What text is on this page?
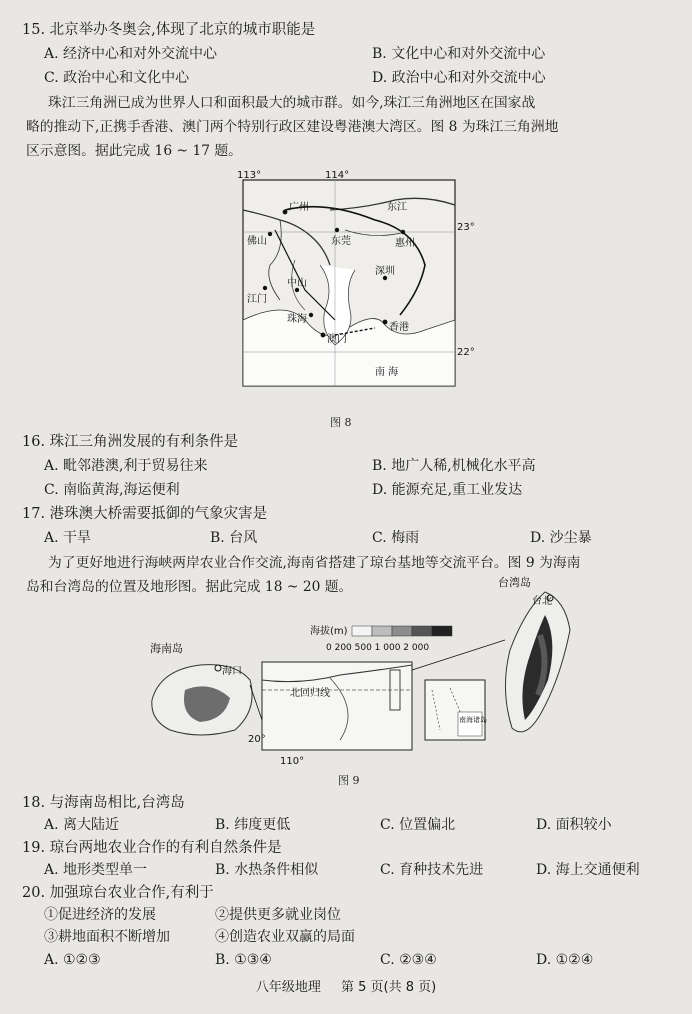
15. 北京举办冬奥会,体现了北京的城市职能是
A. 经济中心和对外交流中心	B. 文化中心和对外交流中心
C. 政治中心和文化中心	D. 政治中心和对外交流中心
珠江三角洲已成为世界人口和面积最大的城市群。如今,珠江三角洲地区在国家战
略的推动下,正携手香港、澳门两个特别行政区建设粤港澳大湾区。图 8 为珠江三角洲地
区示意图。据此完成 16 ~ 17 题。
113°	114°
23°
22°
广州	东江
东莞	惠州
佛山
深圳
江门
中山
珠海
澳门
香港
南 海
图 8
16. 珠江三角洲发展的有利条件是
A. 毗邻港澳,利于贸易往来	B. 地广人稀,机械化水平高
C. 南临黄海,海运便利	D. 能源充足,重工业发达
17. 港珠澳大桥需要抵御的气象灾害是
A. 干旱	B. 台风	C. 梅雨	D. 沙尘暴
为了更好地进行海峡两岸农业合作交流,海南省搭建了琼台基地等交流平台。图 9 为海南
岛和台湾岛的位置及地形图。据此完成 18 ~ 20 题。	台湾岛
台北
海拔(m)
0 200 500 1 000 2 000
海南岛
海口
北回归线
20°
110°
南海诸岛
图 9
18. 与海南岛相比,台湾岛
A. 离大陆近	B. 纬度更低	C. 位置偏北	D. 面积较小
19. 琼台两地农业合作的有利自然条件是
A. 地形类型单一	B. 水热条件相似	C. 育种技术先进	D. 海上交通便利
20. 加强琼台农业合作,有利于
①促进经济的发展	②提供更多就业岗位
③耕地面积不断增加	④创造农业双赢的局面
A. ①②③	B. ①③④	C. ②③④	D. ①②④
八年级地理 第 5 页(共 8 页)
